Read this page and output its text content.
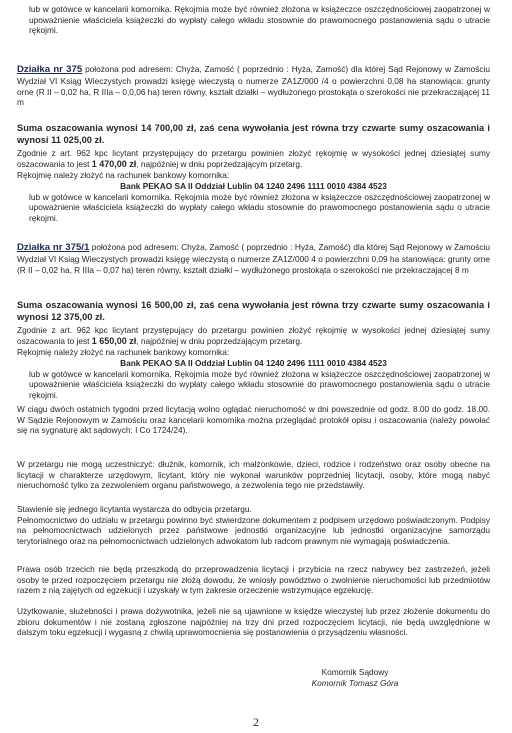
lub w gotówce w kancelarii komornika. Rękojmia może być również złożona w książeczce oszczędnościowej zaopatrzonej w upoważnienie właściciela książeczki do wypłaty całego wkładu stosownie do prawomocnego postanowienia sądu o utracie rękojmi.

Działka nr 375 położona pod adresem: Chyża, Zamość ( poprzednio : Hyża, Zamość) dla której Sąd Rejonowy w Zamościu Wydział VI Ksiąg Wieczystych prowadzi księgę wieczystą o numerze ZA1Z/000 /4 o powierzchni 0,08 ha stanowiąca: grunty orne (R II – 0,02 ha, R IIIa – 0,0,06 ha) teren równy, kształt działki – wydłużonego prostokąta o szerokości nie przekraczającej 11 m

Suma oszacowania wynosi 14 700,00 zł, zaś cena wywołania jest równa trzy czwarte sumy oszacowania i wynosi 11 025,00 zł.

Zgodnie z art. 962 kpc licytant przystępujący do przetargu powinien złożyć rękojmię w wysokości jednej dziesiątej sumy oszacowania to jest 1 470,00 zł, najpóźniej w dniu poprzedzającym przetarg.

Rękojmię należy złożyć na rachunek bankowy komornika:

Bank PEKAO SA II Oddział Lublin 04 1240 2496 1111 0010 4384 4523

lub w gotówce w kancelarii komornika. Rękojmia może być również złożona w książeczce oszczędnościowej zaopatrzonej w upoważnienie właściciela książeczki do wypłaty całego wkładu stosownie do prawomocnego postanowienia sądu o utracie rękojmi.

Działka nr 375/1 położona pod adresem: Chyża, Zamość ( poprzednio : Hyża, Zamość) dla której Sąd Rejonowy w Zamościu Wydział VI Ksiąg Wieczystych prowadzi księgę wieczystą o numerze ZA1Z/000 4 o powierzchni 0,09 ha stanowiąca: grunty orne (R II – 0,02 ha, R IIIa – 0,07 ha) teren równy, kształt działki – wydłużonego prostokąta o szerokości nie przekraczającej 8 m

Suma oszacowania wynosi 16 500,00 zł, zaś cena wywołania jest równa trzy czwarte sumy oszacowania i wynosi 12 375,00 zł.

Zgodnie z art. 962 kpc licytant przystępujący do przetargu powinien złożyć rękojmię w wysokości jednej dziesiątej sumy oszacowania to jest 1 650,00 zł, najpóźniej w dniu poprzedzającym przetarg.

Rękojmię należy złożyć na rachunek bankowy komornika:

Bank PEKAO SA II Oddział Lublin 04 1240 2496 1111 0010 4384 4523

lub w gotówce w kancelarii komornika. Rękojmia może być również złożona w książeczce oszczędnościowej zaopatrzonej w upoważnienie właściciela książeczki do wypłaty całego wkładu stosownie do prawomocnego postanowienia sądu o utracie rękojmi.

W ciągu dwóch ostatnich tygodni przed licytacją wolno oglądać nieruchomość w dni powszednie od godz. 8.00 do godz. 18.00. W Sądzie Rejonowym w Zamościu oraz kancelarii komornika można przeglądać protokół opisu i oszacowania (należy powołać się na sygnaturę akt sądowych: I Co 1724/24).

W przetargu nie mogą uczestniczyć: dłużnik, komornik, ich małżonkowie, dzieci, rodzice i rodzeństwo oraz osoby obecne na licytacji w charakterze urzędowym, licytant, który nie wykonał warunków poprzedniej licytacji, osoby, które mogą nabyć nieruchomość tylko za zezwoleniem organu państwowego, a zezwolenia tego nie przedstawiły.

Stawienie się jednego licytanta wystarcza do odbycia przetargu.

Pełnomocnictwo do udziału w przetargu powinno być stwierdzone dokumentem z podpisem urzędowo poświadczonym. Podpisy na pełnomocnictwach udzielonych przez państwowe jednostki organizacyjne lub jednostki organizacyjne samorządu terytorialnego oraz na pełnomocnictwach udzielonych adwokatom lub radcom prawnym nie wymagają poświadczenia.

Prawa osób trzecich nie będą przeszkodą do przeprowadzenia licytacji i przybicia na rzecz nabywcy bez zastrzeżeń, jeżeli osoby te przed rozpoczęciem przetargu nie złożą dowodu, że wniosły powództwo o zwolnienie nieruchomości lub przedmiotów razem z nią zajętych od egzekucji i uzyskały w tym zakresie orzeczenie wstrzymujące egzekucję.

Użytkowanie, służebności i prawa dożywotnika, jeżeli nie są ujawnione w księdze wieczystej lub przez złożenie dokumentu do zbioru dokumentów i nie zostaną zgłoszone najpóźniej na trzy dni przed rozpoczęciem licytacji, nie będą uwzględnione w dalszym toku egzekucji i wygasną z chwilą uprawomocnienia się postanowienia o przysądzeniu własności.

Komornik Sądowy
Komornik Tomasz Góra
2
